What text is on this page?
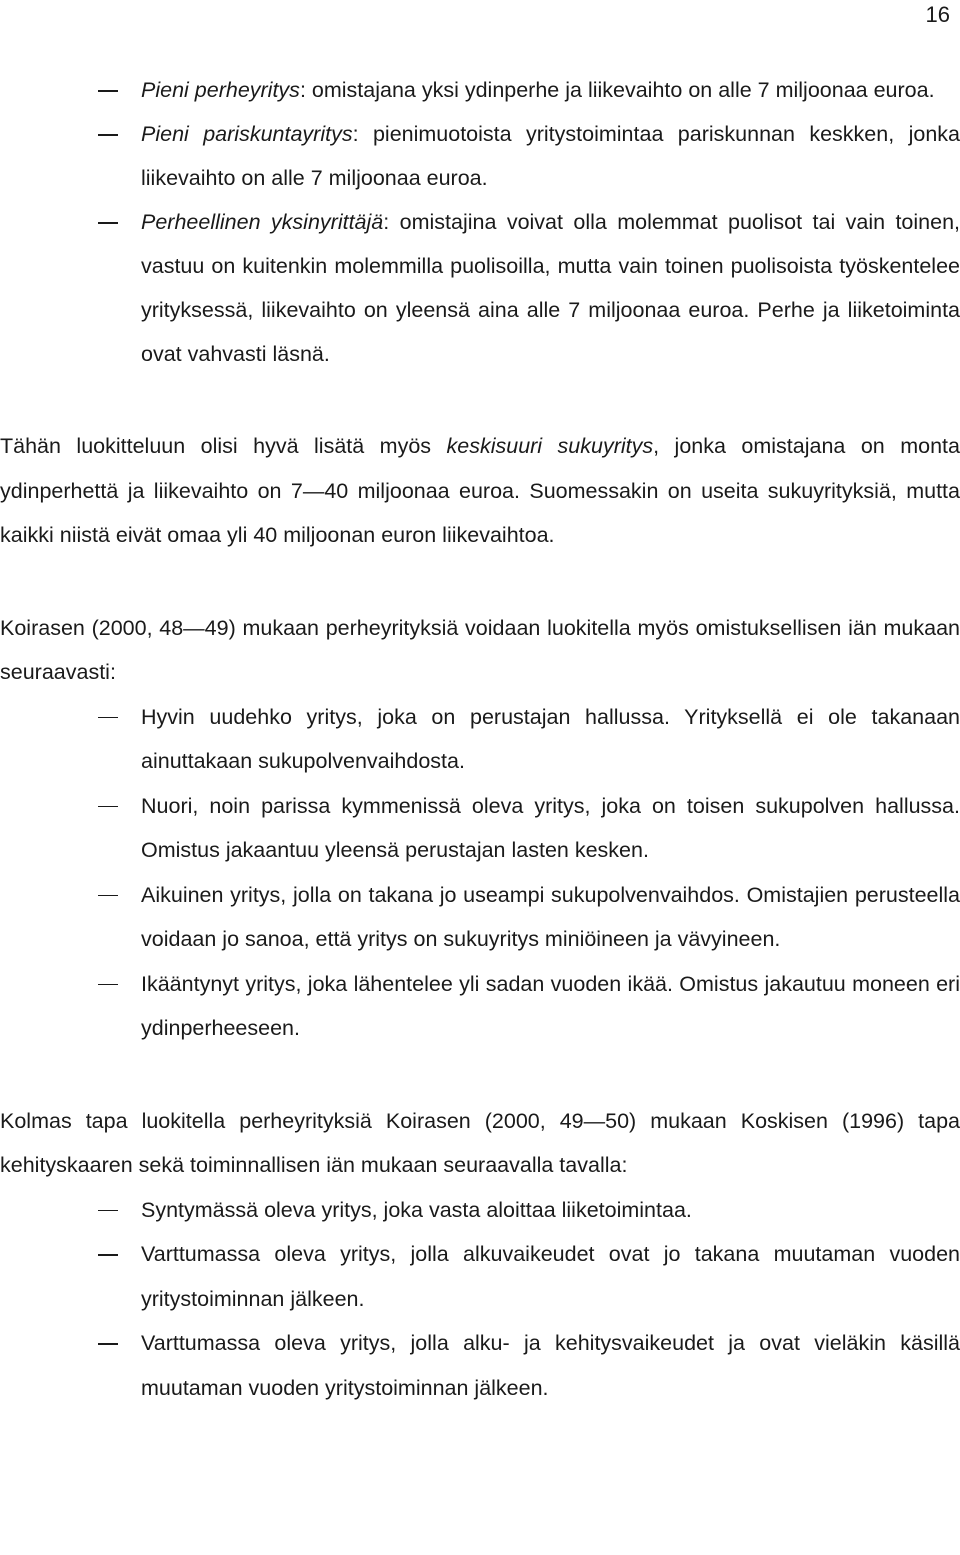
16
Pieni perheyritys: omistajana yksi ydinperhe ja liikevaihto on alle 7 miljoonaa euroa.
Pieni pariskuntayritys: pienimuotoista yritystoimintaa pariskunnan keskken, jonka liikevaihto on alle 7 miljoonaa euroa.
Perheellinen yksinyrittäjä: omistajina voivat olla molemmat puolisot tai vain toinen, vastuu on kuitenkin molemmilla puolisoilla, mutta vain toinen puolisoista työskentelee yrityksessä, liikevaihto on yleensä aina alle 7 miljoonaa euroa. Perhe ja liiketoiminta ovat vahvasti läsnä.

Tähän luokitteluun olisi hyvä lisätä myös keskisuuri sukuyritys, jonka omistajana on monta ydinperhettä ja liikevaihto on 7—40 miljoonaa euroa. Suomessakin on useita sukuyrityksiä, mutta kaikki niistä eivät omaa yli 40 miljoonan euron liikevaihtoa.

Koirasen (2000, 48—49) mukaan perheyrityksiä voidaan luokitella myös omistuksellisen iän mukaan seuraavasti:

Hyvin uudehko yritys, joka on perustajan hallussa. Yrityksellä ei ole takanaan ainuttakaan sukupolvenvaihdosta.
Nuori, noin parissa kymmenissä oleva yritys, joka on toisen sukupolven hallussa. Omistus jakaantuu yleensä perustajan lasten kesken.
Aikuinen yritys, jolla on takana jo useampi sukupolvenvaihdos. Omistajien perusteella voidaan jo sanoa, että yritys on sukuyritys miniöineen ja vävyineen.
Ikääntynyt yritys, joka lähentelee yli sadan vuoden ikää. Omistus jakautuu moneen eri ydinperheeseen.

Kolmas tapa luokitella perheyrityksiä Koirasen (2000, 49—50) mukaan Koskisen (1996) tapa kehityskaaren sekä toiminnallisen iän mukaan seuraavalla tavalla:

Syntymässä oleva yritys, joka vasta aloittaa liiketoimintaa.
Varttumassa oleva yritys, jolla alkuvaikeudet ovat jo takana muutaman vuoden yritystoiminnan jälkeen.
Varttumassa oleva yritys, jolla alku- ja kehitysvaikeudet ja ovat vieläkin käsillä muutaman vuoden yritystoiminnan jälkeen.
